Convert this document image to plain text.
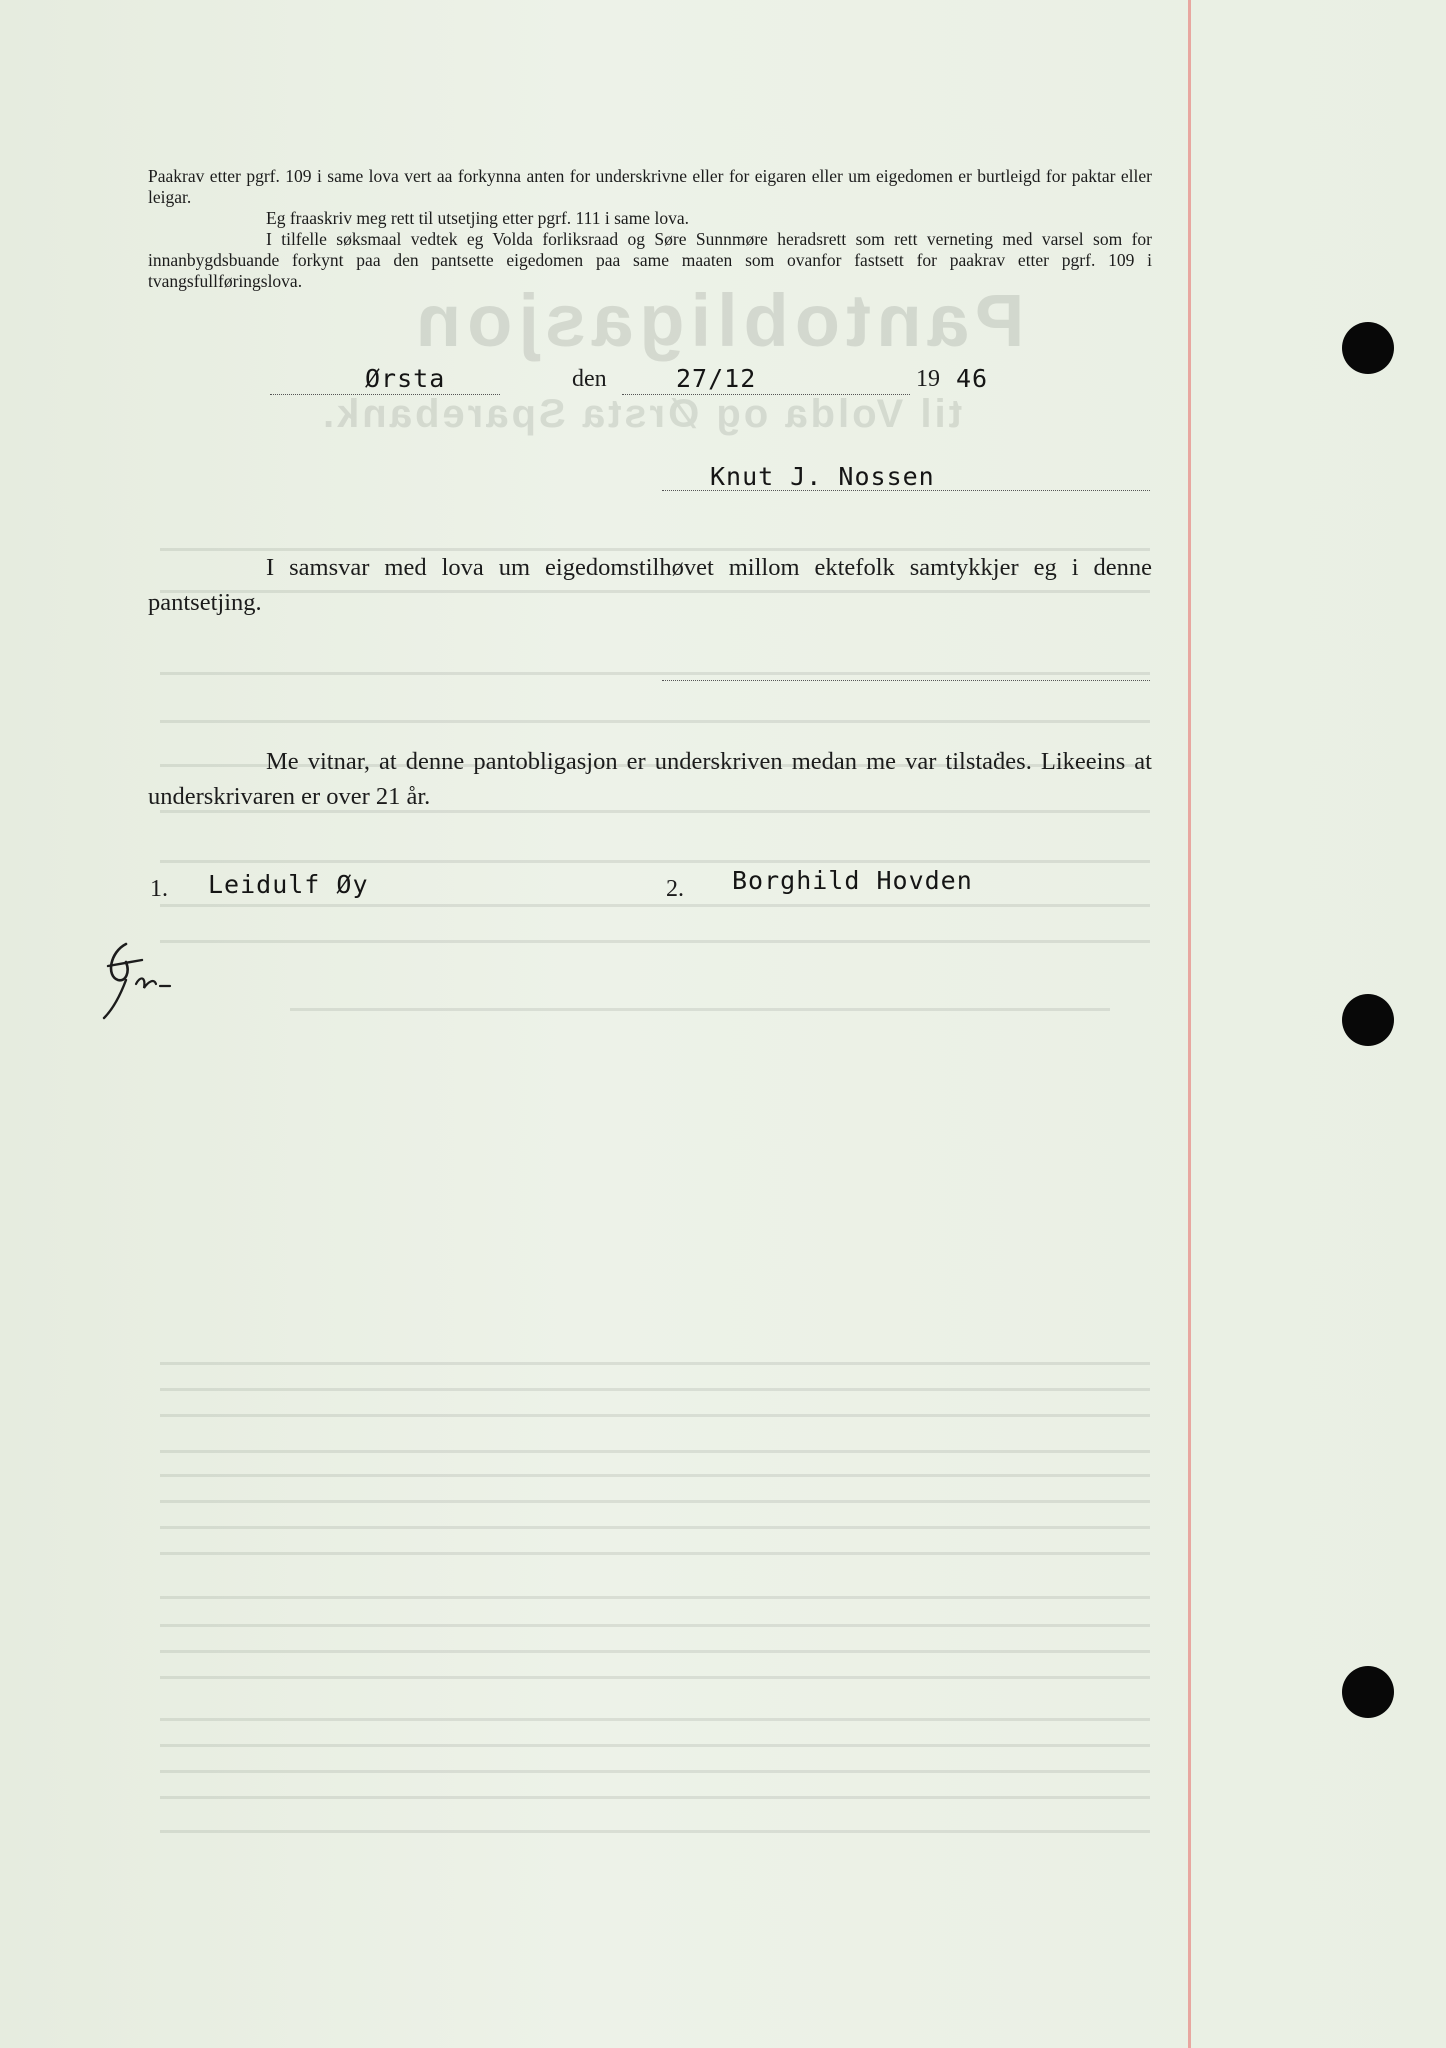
Pantobligasjon
til Volda og Ørsta Sparebank.

Paakrav etter pgrf. 109 i same lova vert aa forkynna anten for underskrivne eller for eigaren eller um eigedomen er burtleigd for paktar eller leigar.

Eg fraaskriv meg rett til utsetjing etter pgrf. 111 i same lova.

I tilfelle søksmaal vedtek eg Volda forliksraad og Søre Sunnmøre heradsrett som rett verneting med varsel som for innanbygdsbuande forkynt paa den pantsette eigedomen paa same maaten som ovanfor fastsett for paakrav etter pgrf. 109 i tvangsfullføringslova.

Ørsta	den	27/12	19 46
Knut J. Nossen

I samsvar med lova um eigedomstilhøvet millom ektefolk samtykkjer eg i denne pantsetjing.

Me vitnar, at denne pantobligasjon er underskriven medan me var tilstaḋes. Likeeins at underskrivaren er over 21 år.

1. Leidulf Øy	2. Borghild Hovden
